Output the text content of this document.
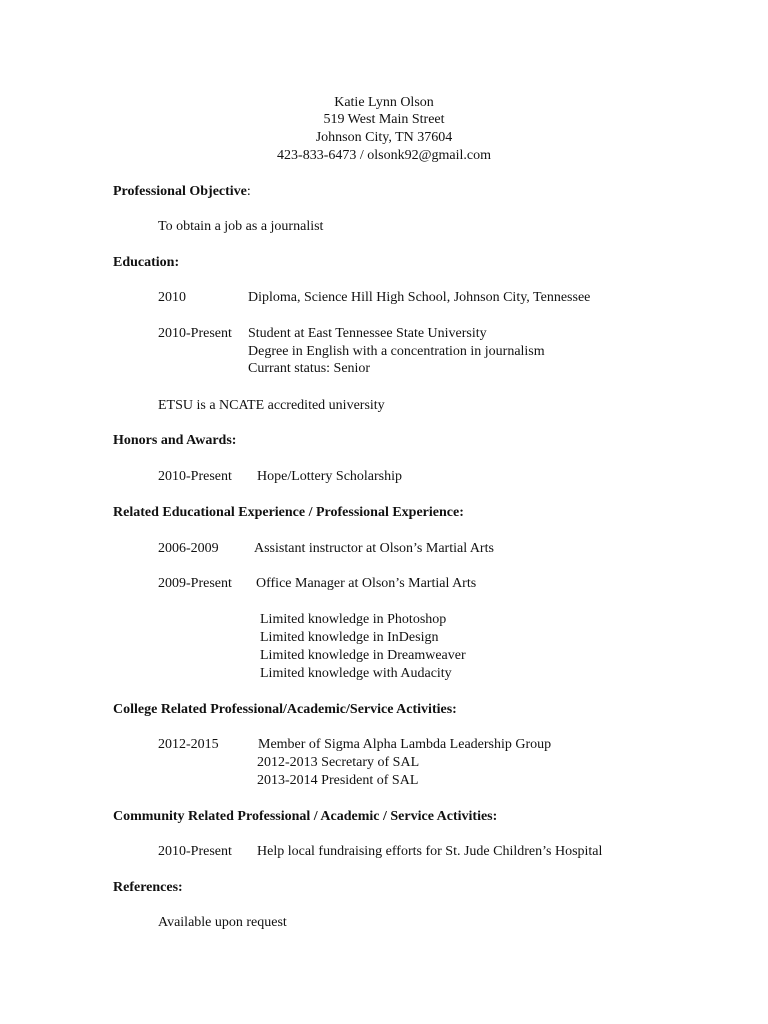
Katie Lynn Olson
519 West Main Street
Johnson City, TN 37604
423-833-6473 / olsonk92@gmail.com
Professional Objective:
To obtain a job as a journalist
Education:
2010	Diploma, Science Hill High School, Johnson City, Tennessee
2010-Present Student at East Tennessee State University
Degree in English with a concentration in journalism
Currant status: Senior
ETSU is a NCATE accredited university
Honors and Awards:
2010-Present Hope/Lottery Scholarship
Related Educational Experience / Professional Experience:
2006-2009	Assistant instructor at Olson’s Martial Arts
2009-Present Office Manager at Olson’s Martial Arts
Limited knowledge in Photoshop
Limited knowledge in InDesign
Limited knowledge in Dreamweaver
Limited knowledge with Audacity
College Related Professional/Academic/Service Activities:
2012-2015	Member of Sigma Alpha Lambda Leadership Group
2012-2013 Secretary of SAL
2013-2014 President of SAL
Community Related Professional / Academic / Service Activities:
2010-Present Help local fundraising efforts for St. Jude Children’s Hospital
References:
Available upon request
